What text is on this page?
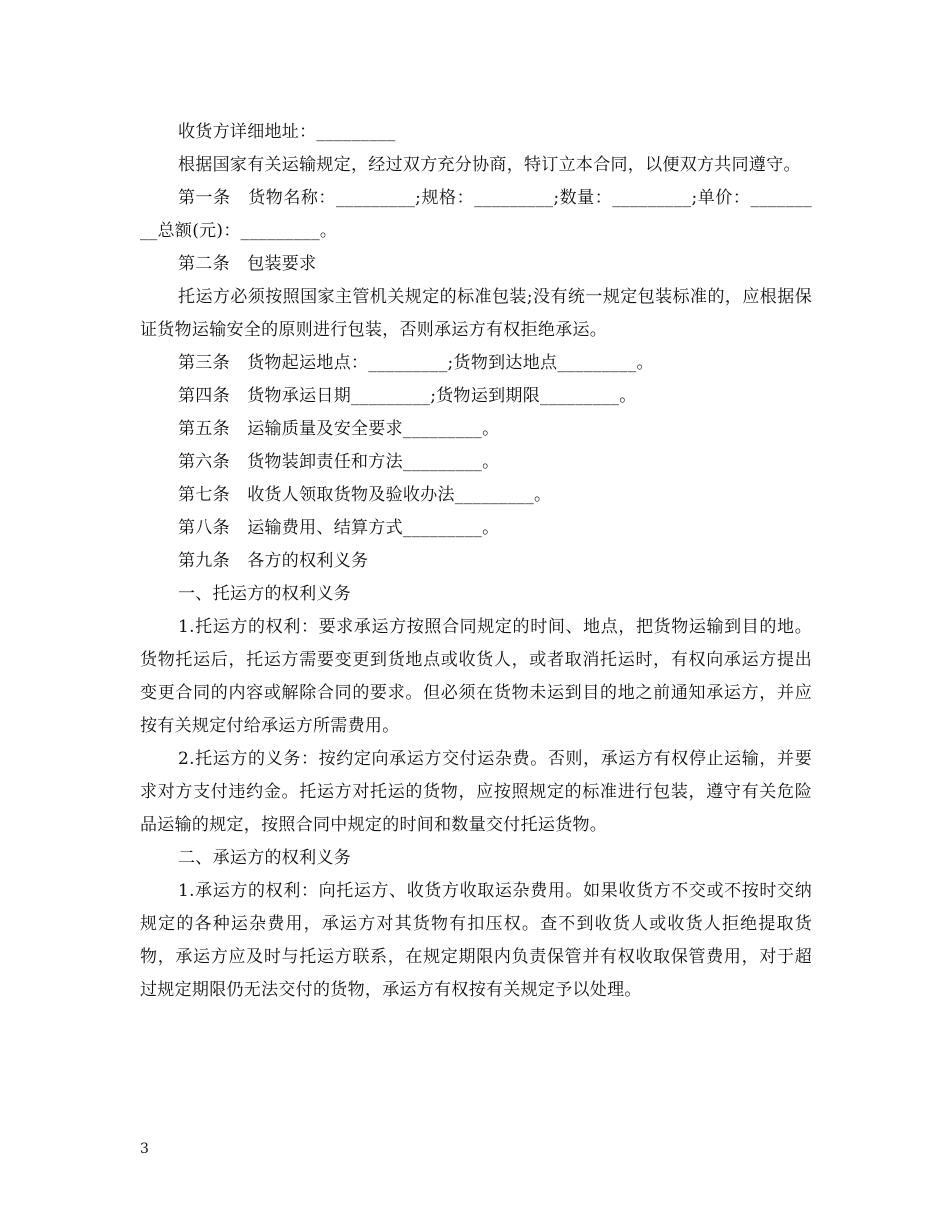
收货方详细地址：_________

根据国家有关运输规定，经过双方充分协商，特订立本合同，以便双方共同遵守。

第一条　货物名称：_________;规格：_________;数量：_________;单价：_________总额(元)：_________。

第二条　包装要求

托运方必须按照国家主管机关规定的标准包装;没有统一规定包装标准的，应根据保证货物运输安全的原则进行包装，否则承运方有权拒绝承运。

第三条　货物起运地点：_________;货物到达地点_________。

第四条　货物承运日期_________;货物运到期限_________。

第五条　运输质量及安全要求_________。

第六条　货物装卸责任和方法_________。

第七条　收货人领取货物及验收办法_________。

第八条　运输费用、结算方式_________。

第九条　各方的权利义务

一、托运方的权利义务

1.托运方的权利：要求承运方按照合同规定的时间、地点，把货物运输到目的地。货物托运后，托运方需要变更到货地点或收货人，或者取消托运时，有权向承运方提出变更合同的内容或解除合同的要求。但必须在货物未运到目的地之前通知承运方，并应按有关规定付给承运方所需费用。

2.托运方的义务：按约定向承运方交付运杂费。否则，承运方有权停止运输，并要求对方支付违约金。托运方对托运的货物，应按照规定的标准进行包装，遵守有关危险品运输的规定，按照合同中规定的时间和数量交付托运货物。

二、承运方的权利义务

1.承运方的权利：向托运方、收货方收取运杂费用。如果收货方不交或不按时交纳规定的各种运杂费用，承运方对其货物有扣压权。查不到收货人或收货人拒绝提取货物，承运方应及时与托运方联系，在规定期限内负责保管并有权收取保管费用，对于超过规定期限仍无法交付的货物，承运方有权按有关规定予以处理。

3
